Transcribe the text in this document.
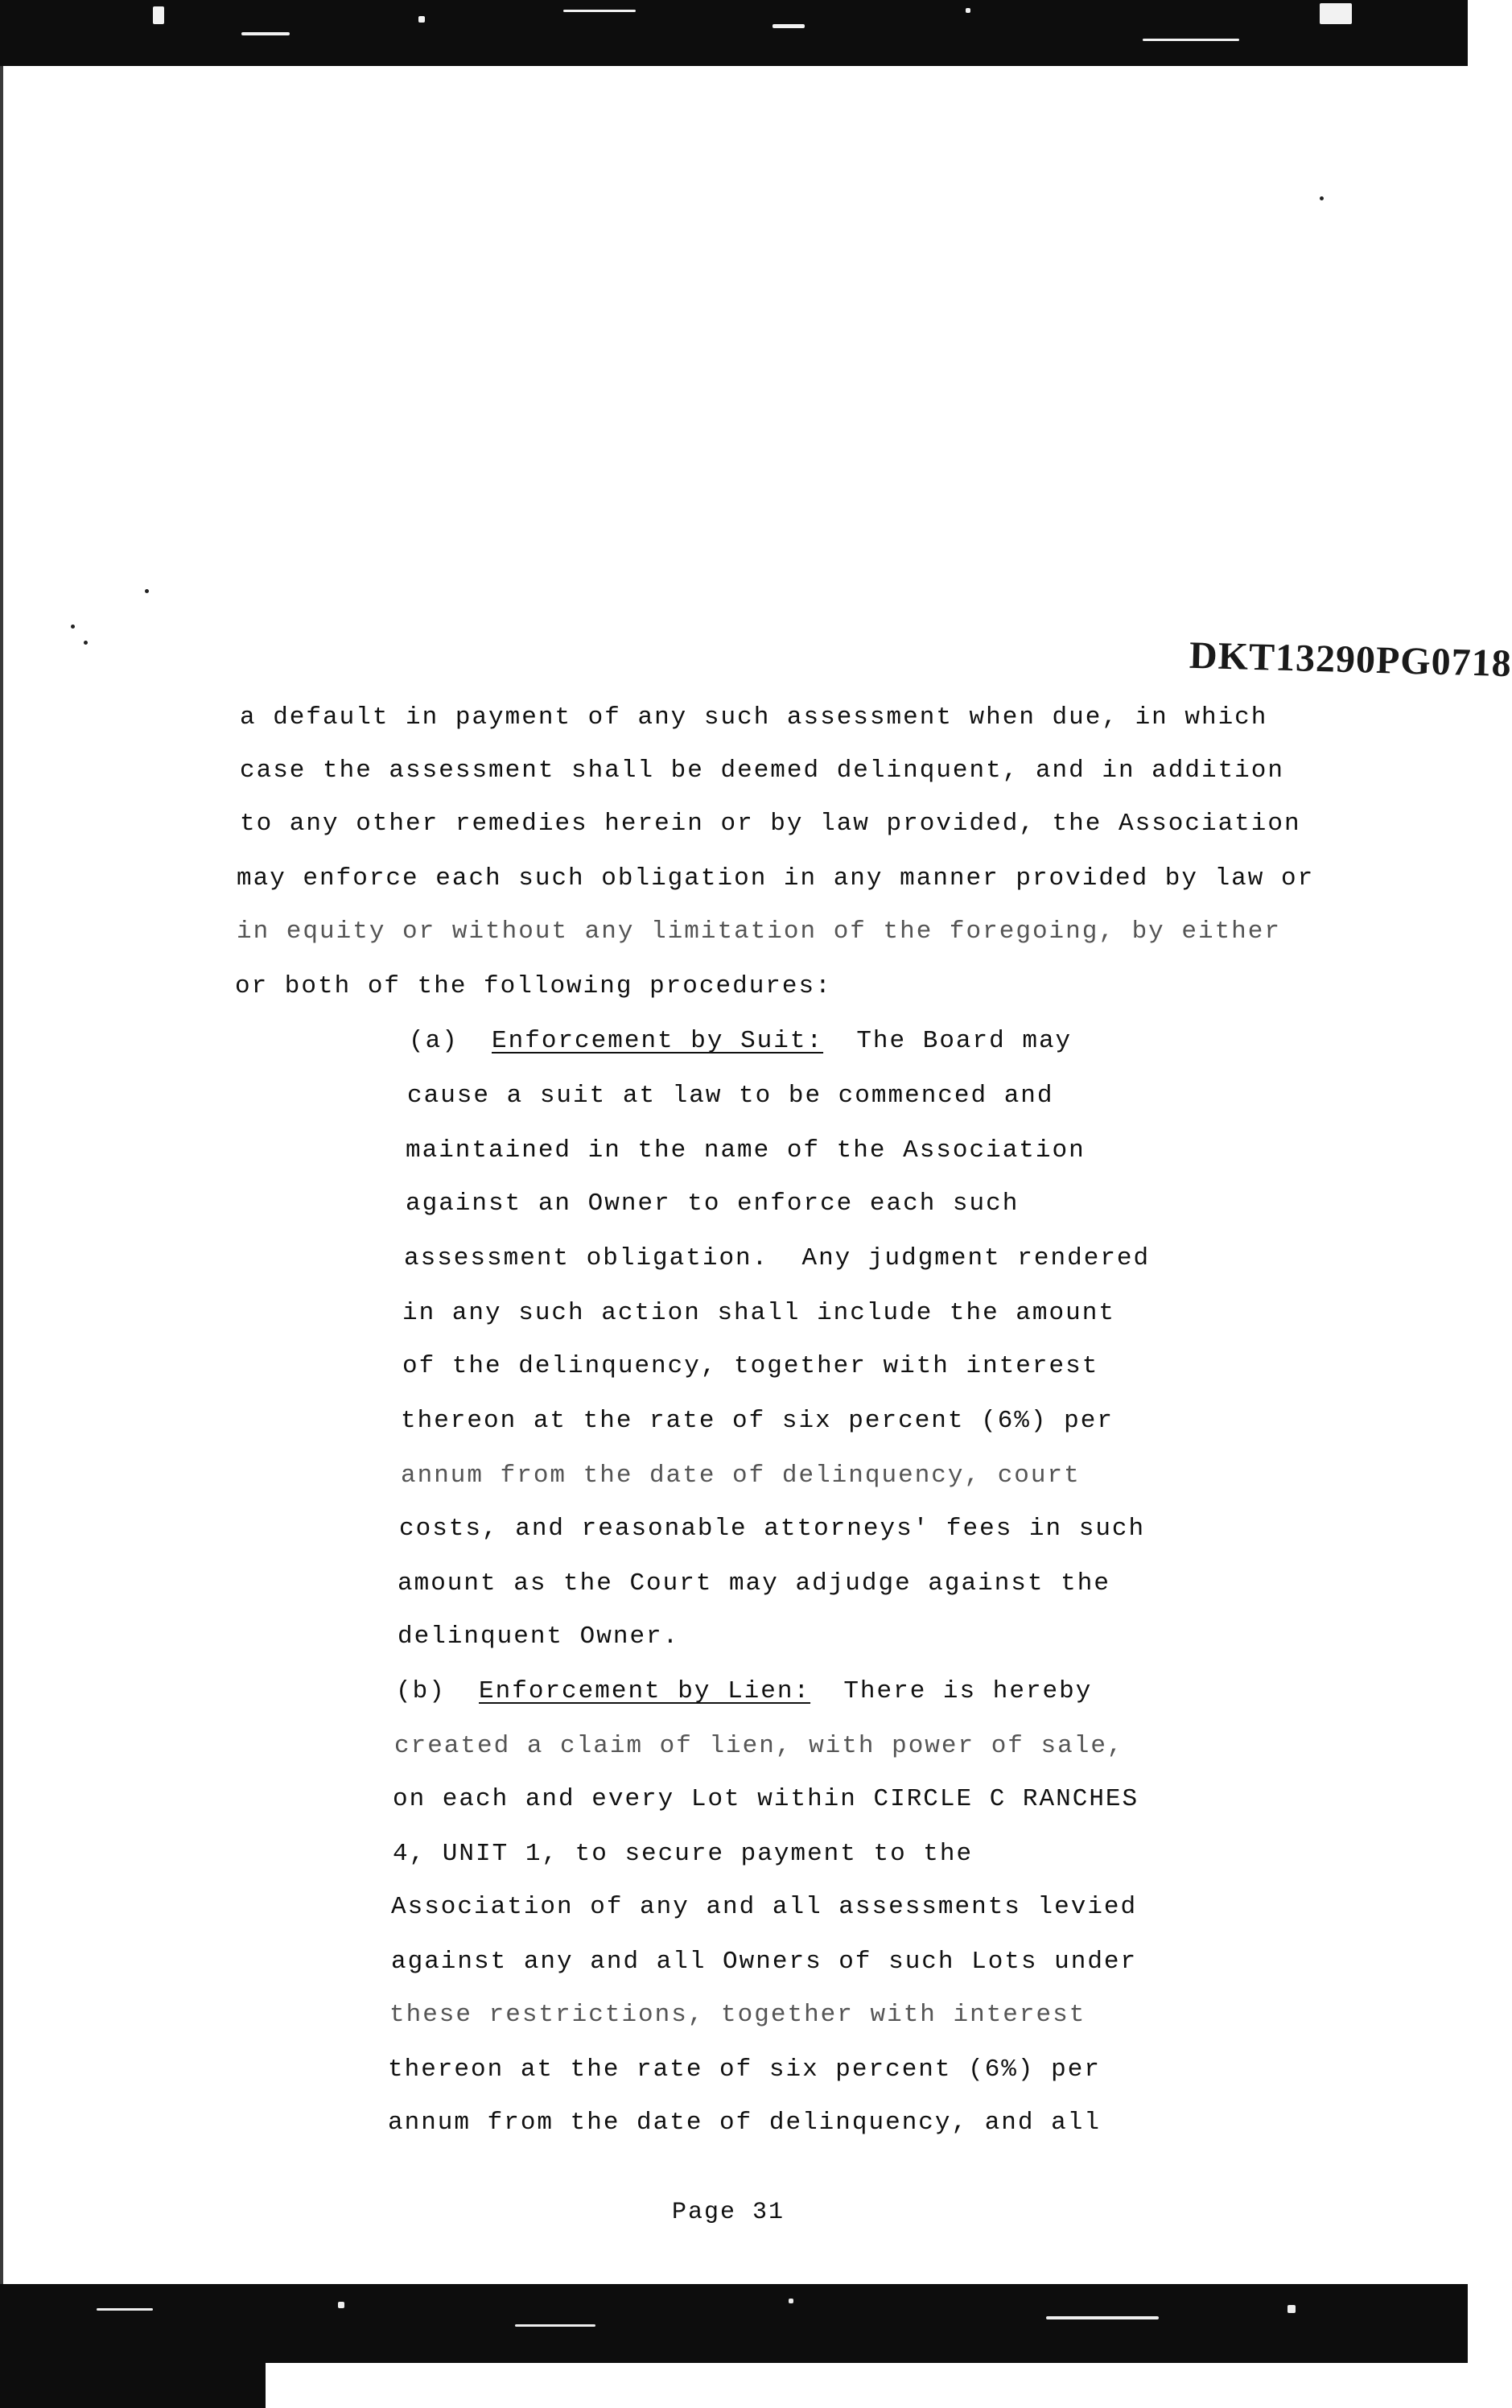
DKT13290PG0718
a default in payment of any such assessment when due, in which
case the assessment shall be deemed delinquent, and in addition
to any other remedies herein or by law provided, the Association
may enforce each such obligation in any manner provided by law or
in equity or without any limitation of the foregoing, by either
or both of the following procedures:
(a) Enforcement by Suit: The Board may
cause a suit at law to be commenced and
maintained in the name of the Association
against an Owner to enforce each such
assessment obligation.  Any judgment rendered
in any such action shall include the amount
of the delinquency, together with interest
thereon at the rate of six percent (6%) per
annum from the date of delinquency, court
costs, and reasonable attorneys' fees in such
amount as the Court may adjudge against the
delinquent Owner.
(b) Enforcement by Lien: There is hereby
created a claim of lien, with power of sale,
on each and every Lot within CIRCLE C RANCHES
4, UNIT 1, to secure payment to the
Association of any and all assessments levied
against any and all Owners of such Lots under
these restrictions, together with interest
thereon at the rate of six percent (6%) per
annum from the date of delinquency, and all
Page 31
